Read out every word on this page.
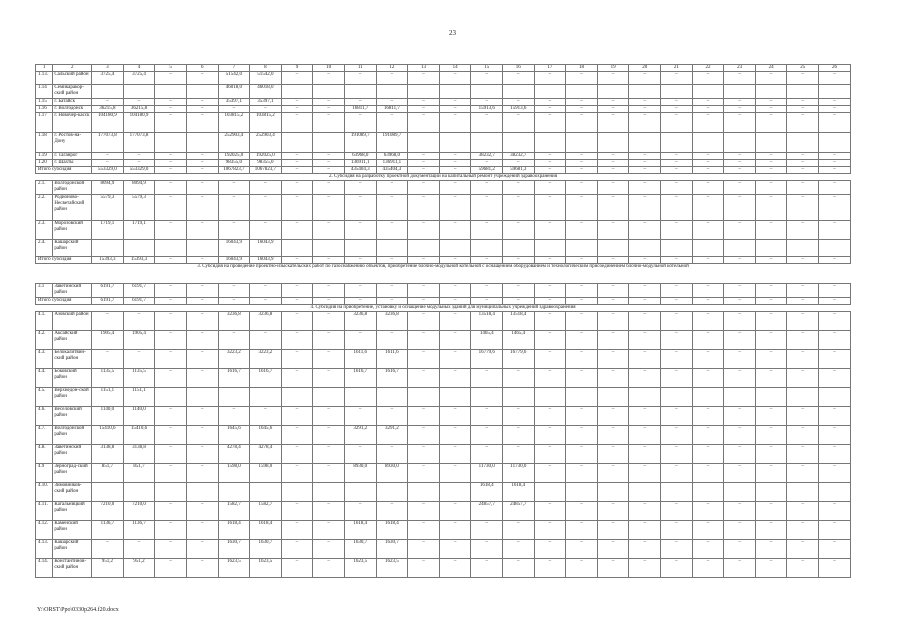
23
1	2	3	4	5	6	7	8	9	10	11	12	13	14	15	16	17	18	19	20	21	22	23	24	25	26
1.13.	Сальский район	3725,4	3725,4	–	–	51542,0	51542,0	–	–	–	–	–	–	–	–	–	–	–	–	–	–	–	–	–	–
1.14	Семикаракор-ский район					46018,0	46018,0																		
1.15	г. Батайск	–	–	–	–	35397,1	35397,1	–	–	–	–	–	–	–	–	–	–	–	–	–	–	–	–	–	–
1.16	г. Волгодонск	36215,8	36215,8	–	–	–	–	–	–	16811,7	16811,7	–	–	15913,6	15913,6	–	–	–	–	–	–	–	–	–	–
1.17	г. Новочер-касск	104180,9	104180,9	–	–	103815,2	103815,2	–	–	–	–	–	–	–	–	–	–	–	–	–	–	–	–	–	–
1.18	г. Ростов-на-Дону	177073,8	177073,8			252903,4	252903,4			191089,7	191089,7														
1.19	г. Таганрог	–	–	–	–	192025,0	192025,0	–	–	63968,0	63968,0	–	–	38232,7	38232,7	–	–	–	–	–	–	–	–	–	–
1.20	г. Шахты	–	–	–	–	98355,0	98355,0	–	–	136911,1	136911,1	–	–	–	–	–	–	–	–	–	–	–	–	–	–
Итого субсидия		553329,0	553329,0	–	–	1067823,7	1067823,7	–	–	435404,3	435404,3	–	–	59681,2	59681,3	–	–	–	–	–	–	–	–	–	–
2. Субсидия на разработку проектной документации на капитальный ремонт учреждений здравоохранения																									
2.1.	Волгодонской район	8094,9	8094,9	–	–	–	–	–	–	–	–	–	–	–	–	–	–	–	–	–	–	–	–	–	–
2.2.	Родионово-Несветайский район	5579,3	5579,3	–	–	–	–	–	–	–	–	–	–	–	–	–	–	–	–	–	–	–	–	–	–
2.3.	Морозовский район	1719,1	1719,1	–	–	–	–	–	–	–	–	–	–	–	–	–	–	–	–	–	–	–	–	–	–
2.4.	Кашарский район					16043,9	16043,9																		
Итого субсидия		15393,3	15393,3	–	–	16043,9	16043,9	–	–	–	–	–	–	–	–	–	–	–	–	–	–	–	–	–	–
3. Субсидия на проведение проектно-изыскательских работ по газоснабжению объектов, приобретение блочно-модульной котельной с оснащением оборудованием и технологическим присоединением блочно-модульной котельной																									
3.1	Заветинский район	6191,7	6191,7	–	–	–	–	–	–	–	–	–	–	–	–	–	–	–	–	–	–	–	–	–	–
Итого субсидия		6191,7	6191,7	–	–	–	–	–	–	–	–	–	–	–	–	–	–	–	–	–	–	–	–	–	–
4. Субсидия на приобретение, установку и оснащение модульных зданий для муниципальных учреждений здравоохранения																									
4.1.	Азовский район	–	–	–	–	3236,8	3236,8	–	–	3236,8	3236,8	–	–	13518,4	13518,4	–	–	–	–	–	–	–	–	–	–
4.2.	Аксайский район	1905,4	1905,4	–	–	–	–	–	–	–	–	–	–	1465,4	1465,4	–	–	–	–	–	–	–	–	–	–
4.3.	Белокалитвин-ский район	–	–	–	–	3223,2	3223,2	–	–	1611,6	1611,6	–	–	16779,6	16779,6	–	–	–	–	–	–	–	–	–	–
4.4.	Боковский район	1135,5	1135,5	–	–	1616,7	1616,7	–	–	1616,7	1616,7	–	–	–	–	–	–	–	–	–	–	–	–	–	–
4.5.	Верхнедон-ской район	1151,1	1151,1																						
4.6.	Веселовский район	1140,0	1140,0	–	–	–	–	–	–	–	–	–	–	–	–	–	–	–	–	–	–	–	–	–	–
4.7.	Волгодонской район	15410,6	15410,6	–	–	1645,6	1645,6	–	–	3291,2	3291,2	–	–	–	–	–	–	–	–	–	–	–	–	–	–
4.8.	Заветинский район	3138,8	3138,8	–	–	4278,4	4278,4	–	–	–	–	–	–	–	–	–	–	–	–	–	–	–	–	–	–
4.9	Зерноград-ский район	851,7	851,7	–	–	1598,0	1598,0	–	–	8930,0	8930,0	–	–	11730,0	11730,0	–	–	–	–	–	–	–	–	–	–
4.10.	Зимовников-ский район													1618,4	1618,4										
4.11.	Кагальницкий район	7210,0	7210,0	–	–	1582,7	1582,7	–	–	–	–	–	–	24857,7	24857,7	–	–	–	–	–	–	–	–	–	–
4.12.	Каменский район	1136,7	1136,7	–	–	1618,4	1618,4	–	–	1618,4	1618,4	–	–	–	–	–	–	–	–	–	–	–	–	–	–
4.13.	Кашарский район	–	–	–	–	1630,7	1630,7	–	–	1630,7	1630,7	–	–	–	–	–	–	–	–	–	–	–	–	–	–
4.14.	Константинов-ский район	951,2	951,2	–	–	1623,5	1623,5	–	–	1623,5	1623,5	–	–	–	–	–	–	–	–	–	–	–	–	–	–
Y:\ORST\Ppo\0330p264.f20.docx
